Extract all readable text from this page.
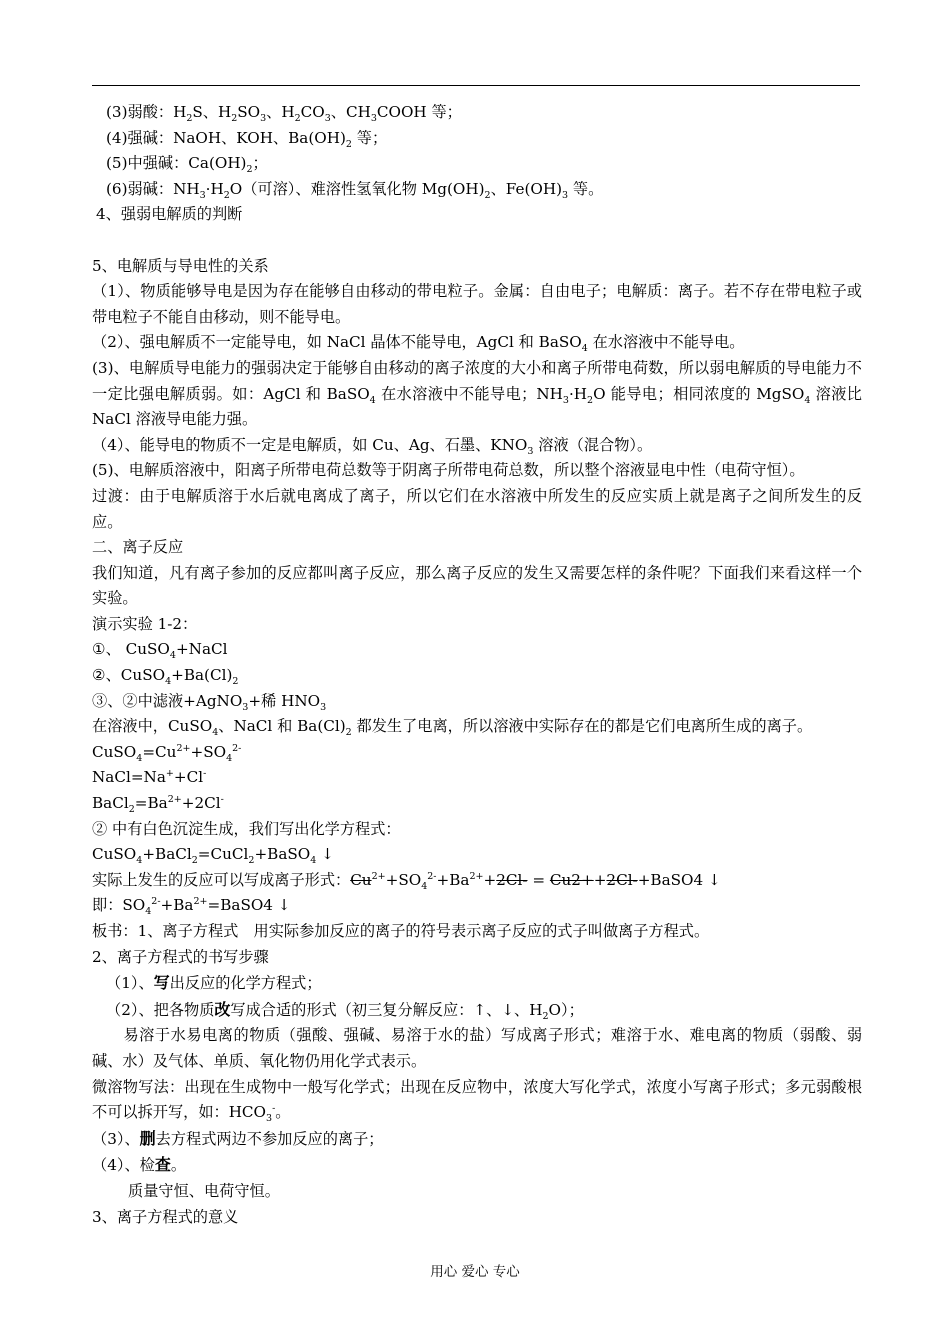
(3)弱酸：$H_2S$、$H_2SO_3$、$H_2CO_3$、$CH_3COOH$ 等；
(4)强碱：NaOH、KOH、$Ba(OH)_2$ 等；
(5)中强碱：$Ca(OH)_2$；
(6)弱碱：$NH_3\cdot H_2O$（可溶）、难溶性氢氧化物 $Mg(OH)_2$、$Fe(OH)_3$ 等。
4、强弱电解质的判断
5、电解质与导电性的关系
（1）、物质能够导电是因为存在能够自由移动的带电粒子。金属：自由电子；电解质：离子。若不存在带电粒子或带电粒子不能自由移动，则不能导电。
（2）、强电解质不一定能导电，如 NaCl 晶体不能导电，AgCl 和 BaSO$_4$ 在水溶液中不能导电。
(3)、电解质导电能力的强弱决定于能够自由移动的离子浓度的大小和离子所带电荷数，所以弱电解质的导电能力不一定比强电解质弱。如：AgCl 和 BaSO$_4$ 在水溶液中不能导电；$NH_3\cdot H_2O$ 能导电；相同浓度的 MgSO$_4$ 溶液比 NaCl 溶液导电能力强。
（4）、能导电的物质不一定是电解质，如 Cu、Ag、石墨、$KNO_3$ 溶液（混合物）。
(5)、电解质溶液中，阳离子所带电荷总数等于阴离子所带电荷总数，所以整个溶液显电中性（电荷守恒）。
过渡：由于电解质溶于水后就电离成了离子，所以它们在水溶液中所发生的反应实质上就是离子之间所发生的反应。
二、离子反应
我们知道，凡有离子参加的反应都叫离子反应，那么离子反应的发生又需要怎样的条件呢？下面我们来看这样一个实验。
演示实验 1-2：
①、 CuSO$_4$+NaCl
②、$CuSO_4+Ba(Cl)_2$
③、②中滤液+AgNO$_3$+稀 $HNO_3$
在溶液中，CuSO$_4$、NaCl 和 $Ba(Cl)_2$ 都发生了电离，所以溶液中实际存在的都是它们电离所生成的离子。
$CuSO_4=Cu^{2+}+SO_4^{2-}$
NaCl=Na++Cl-
$BaCl_2=Ba^{2+}+2Cl^-$
② 中有白色沉淀生成，我们写出化学方程式：
CuSO$_4$+BaCl$_2$=CuCl$_2$+BaSO$_4$ ↓
实际上发生的反应可以写成离子形式：$Cu^{2+}+SO_4^{2-}+Ba^{2+}+2Cl-$ = Cu2++2Cl-+BaSO4 ↓
即：$SO_4^{2-}+Ba^{2+}=BaSO4$ ↓
板书：1、离子方程式　用实际参加反应的离子的符号表示离子反应的式子叫做离子方程式。
2、离子方程式的书写步骤
（1）、写出反应的化学方程式；
（2）、把各物质改写成合适的形式（初三复分解反应：↑、↓、$H_2O$）；
　　易溶于水易电离的物质（强酸、强碱、易溶于水的盐）写成离子形式；难溶于水、难电离的物质（弱酸、弱碱、水）及气体、单质、氧化物仍用化学式表示。
微溶物写法：出现在生成物中一般写化学式；出现在反应物中，浓度大写化学式，浓度小写离子形式；多元弱酸根不可以拆开写，如：$HCO_3^-$。
（3）、删去方程式两边不参加反应的离子；
（4）、检查。
质量守恒、电荷守恒。
3、离子方程式的意义
用心 爱心 专心
